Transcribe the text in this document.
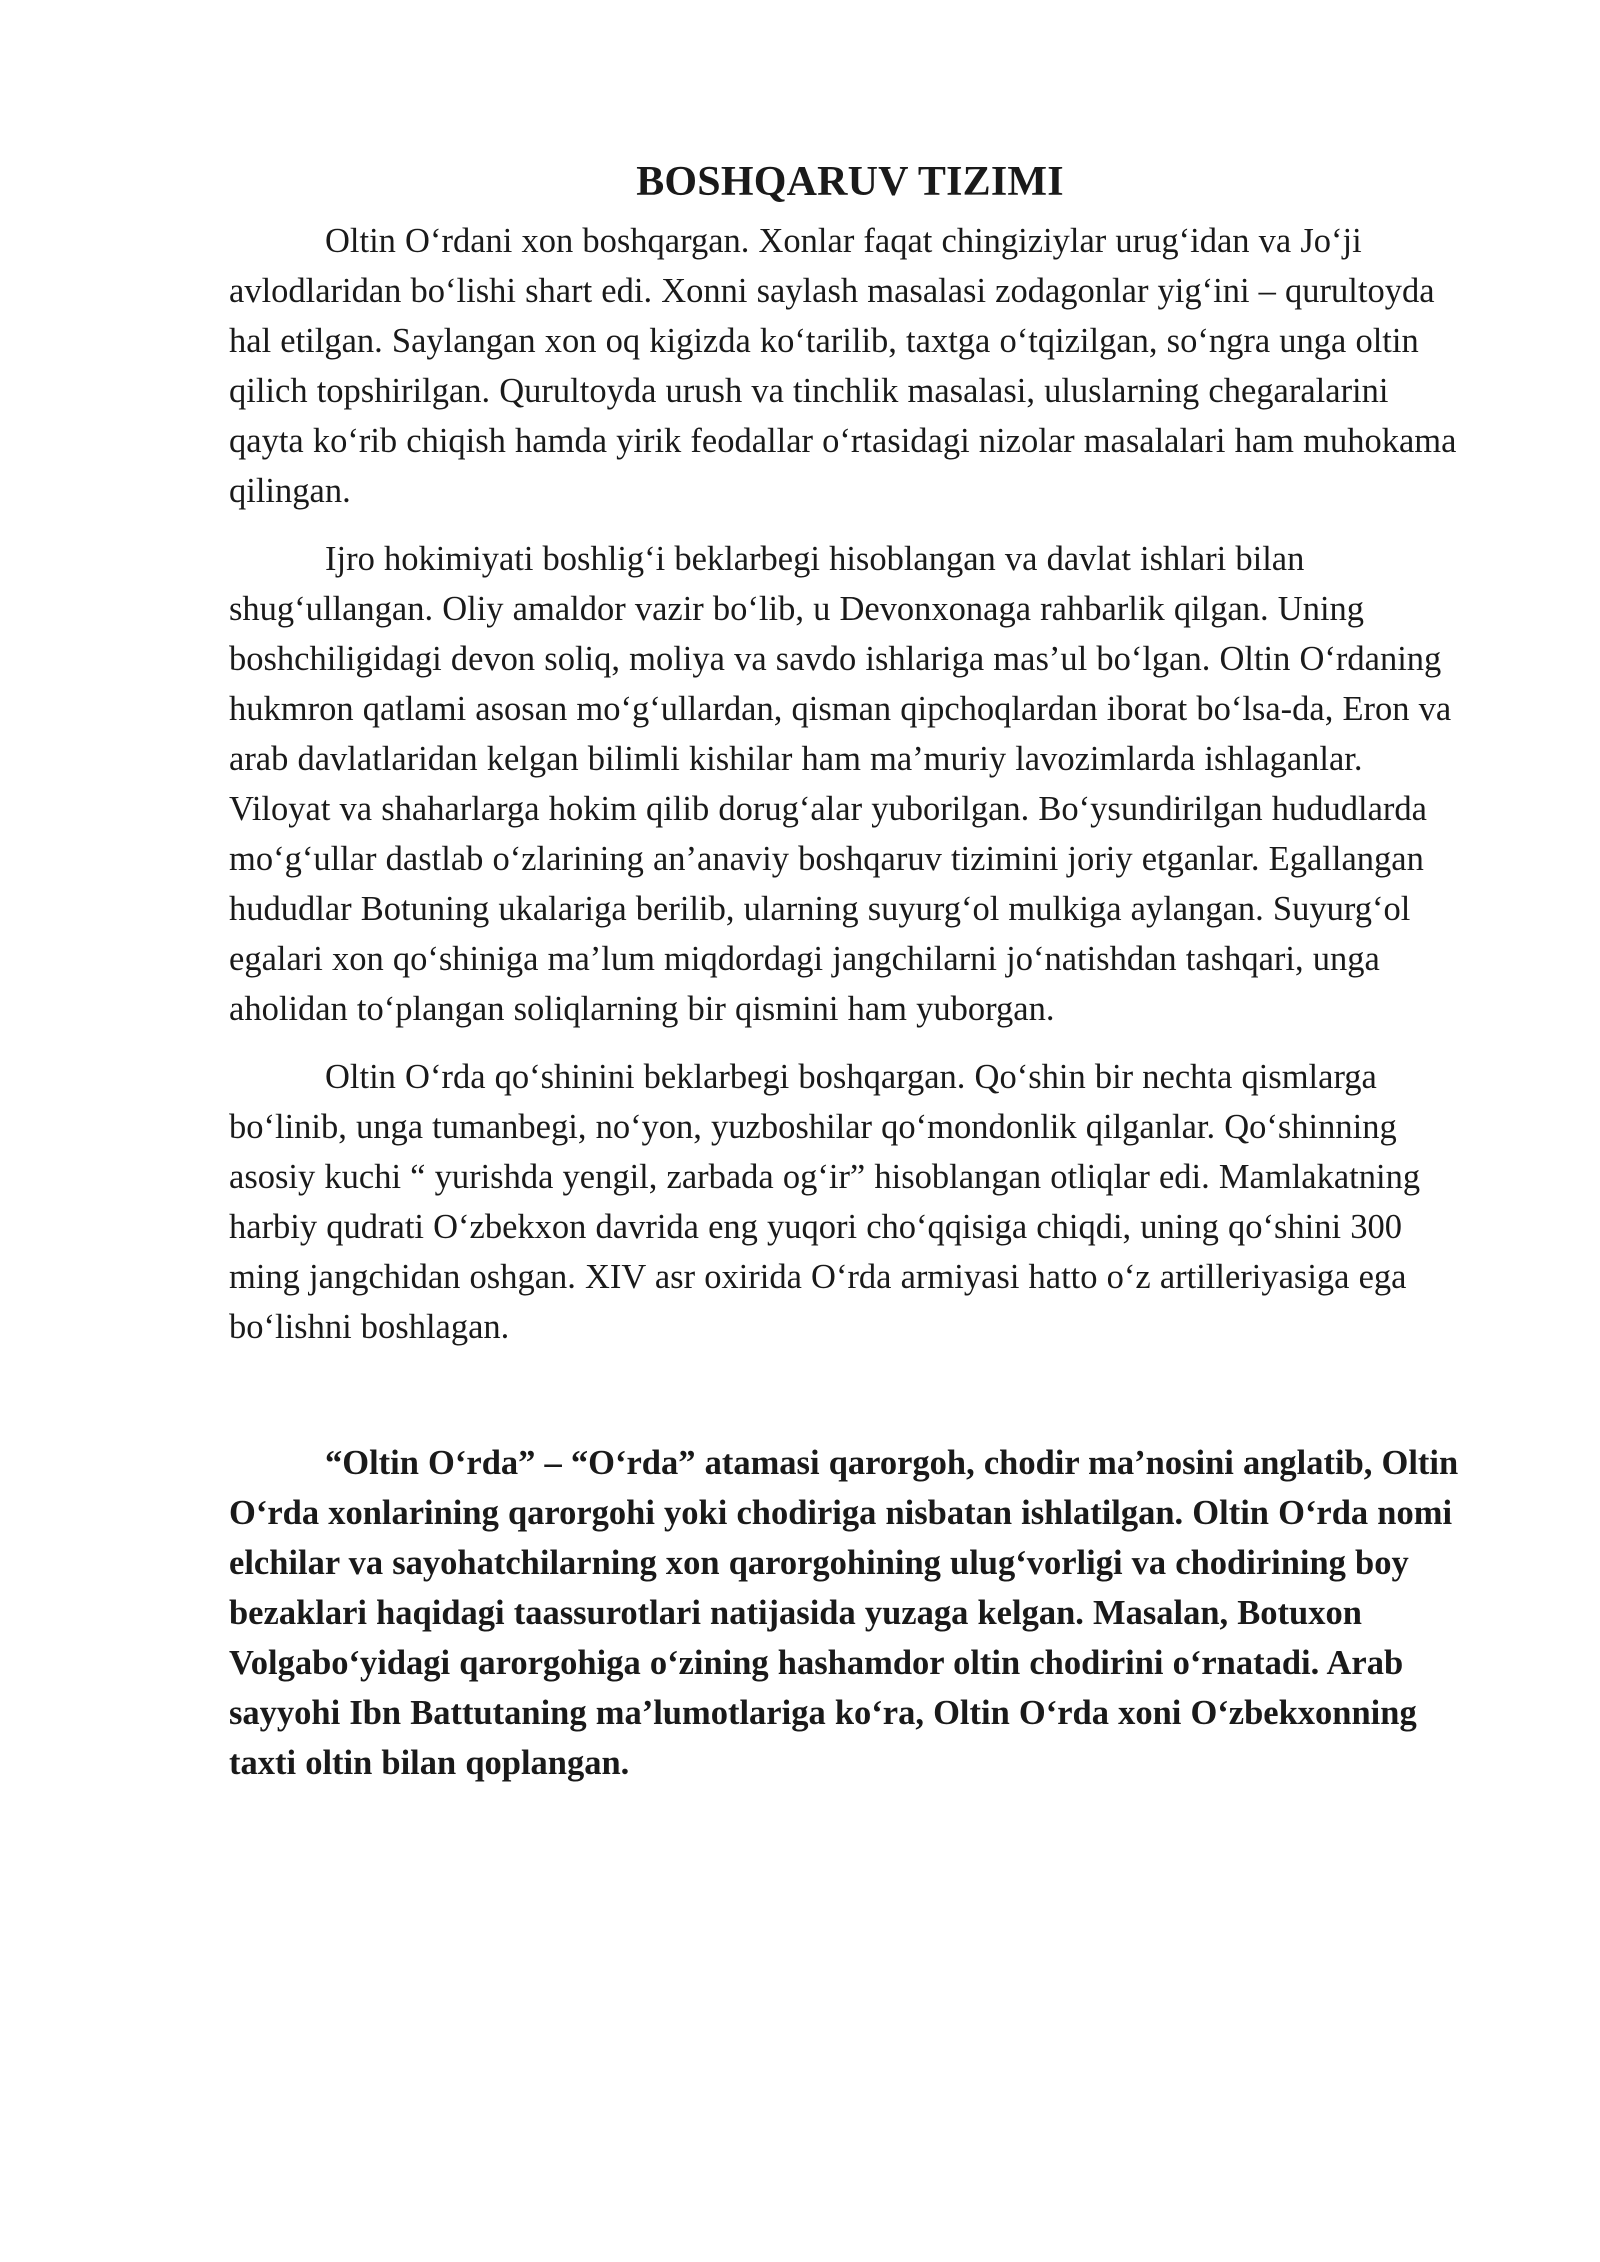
BOSHQARUV TIZIMI

Oltin O‘rdani xon boshqargan. Xonlar faqat chingiziylar urug‘idan va Jo‘ji avlodlaridan bo‘lishi shart edi. Xonni saylash masalasi zodagonlar yig‘ini – qurultoyda hal etilgan. Saylangan xon oq kigizda ko‘tarilib, taxtga o‘tqizilgan, so‘ngra unga oltin qilich topshirilgan. Qurultoyda urush va tinchlik masalasi, uluslarning chegaralarini qayta ko‘rib chiqish hamda yirik feodallar o‘rtasidagi nizolar masalalari ham muhokama qilingan.

Ijro hokimiyati boshlig‘i beklarbegi hisoblangan va davlat ishlari bilan shug‘ullangan. Oliy amaldor vazir bo‘lib, u Devonxonaga rahbarlik qilgan. Uning boshchiligidagi devon soliq, moliya va savdo ishlariga mas’ul bo‘lgan. Oltin O‘rdaning hukmron qatlami asosan mo‘g‘ullardan, qisman qipchoqlardan iborat bo‘lsa-da, Eron va arab davlatlaridan kelgan bilimli kishilar ham ma’muriy lavozimlarda ishlaganlar. Viloyat va shaharlarga hokim qilib dorug‘alar yuborilgan. Bo‘ysundirilgan hududlarda mo‘g‘ullar dastlab o‘zlarining an’anaviy boshqaruv tizimini joriy etganlar. Egallangan hududlar Botuning ukalariga berilib, ularning suyurg‘ol mulkiga aylangan. Suyurg‘ol egalari xon qo‘shiniga ma’lum miqdordagi jangchilarni jo‘natishdan tashqari, unga aholidan to‘plangan soliqlarning bir qismini ham yuborgan.

Oltin O‘rda qo‘shinini beklarbegi boshqargan. Qo‘shin bir nechta qismlarga bo‘linib, unga tumanbegi, no‘yon, yuzboshilar qo‘mondonlik qilganlar. Qo‘shinning asosiy kuchi “ yurishda yengil, zarbada og‘ir” hisoblangan otliqlar edi. Mamlakatning harbiy qudrati O‘zbekxon davrida eng yuqori cho‘qqisiga chiqdi, uning qo‘shini 300 ming jangchidan oshgan. XIV asr oxirida O‘rda armiyasi hatto o‘z artilleriyasiga ega bo‘lishni boshlagan.

“Oltin O‘rda” – “O‘rda” atamasi qarorgoh, chodir ma’nosini anglatib, Oltin O‘rda xonlarining qarorgohi yoki chodiriga nisbatan ishlatilgan. Oltin O‘rda nomi elchilar va sayohatchilarning xon qarorgohining ulug‘vorligi va chodirining boy bezaklari haqidagi taassurotlari natijasida yuzaga kelgan. Masalan, Botuxon Volgabo‘yidagi qarorgohiga o‘zining hashamdor oltin chodirini o‘rnatadi. Arab sayyohi Ibn Battutaning ma’lumotlariga ko‘ra, Oltin O‘rda xoni O‘zbekxonning taxti oltin bilan qoplangan.
